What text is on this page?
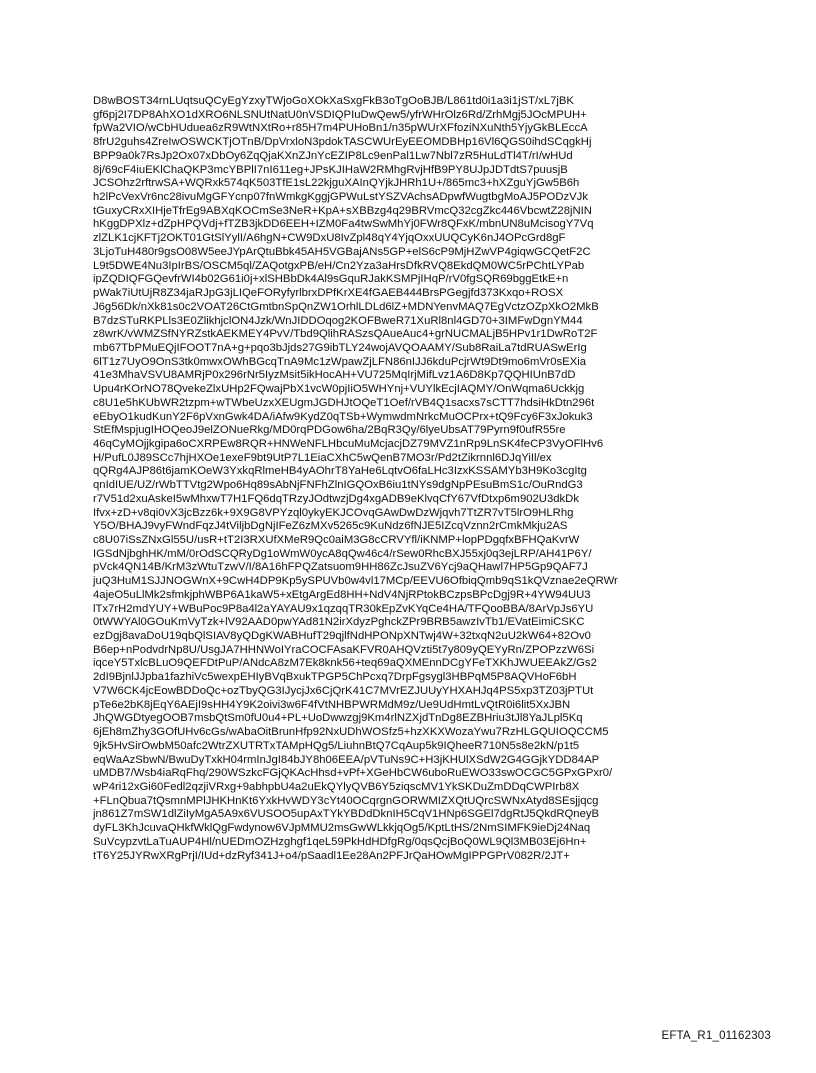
D8wBOST34rnLUqtsuQCyEgYzxyTWjoGoXOkXaSxgFkB3oTgOoBJB/L861td0i1a3i1jST/xL7jBK
gf6pj2I7DP8AhXO1dXRO6NLSNUtNatU0nVSDIQPIuDwQew5/yfrWHrOlz6Rd/ZrhMgj5JOcMPUH+
fpWa2VIO/wCbHUduea6zR9WtNXtRo+r85H7m4PUHoBn1/n35pWUrXFfoziNXuNth5YjyGkBLEccA
8frU2guhs4ZreIwOSWCKTjOTnB/DpVrxloN3pdokTASCWUrEyEEOMDBHp16Vl6QGS0ihdSCqgkHj
BPP9a0k7RsJp2Ox07xDbOy6ZqQjaKXnZJnYcEZIP8Lc9enPal1Lw7Nbl7zR5HuLdTl4T/rI/wHUd
8j/69cF4iuEKlChaQKP3mcYBPlI7nI611eg+JPsKJIHaW2RMhgRvjHfB9PY8UJpJDTdtS7puusjB
JCSOhz2rftrwSA+WQRxk574qK503TfE1sL22kjguXAInQYjkJHRh1U+/865mc3+hXZguYjGw5B6h
h2lPcVexVr6nc28ivuMgGFYcnp07fnWmkgKggjGPWuLstYSZVAchsADpwfWugtbgMoAJ5PODzVJk
tGuxyCRxXIHjeTfrEg9ABXqKOCmSe3NeR+KpA+sXBBzg4q29BRVmcQ32cgZkc446VbcwtZ28jNIN
hKggDPXlz+dZpHPQVdj+fTZB3jkDD6EEH+IZM0Fa4twSwMhYj0FWr8QFxK/mbnUN8uMcisogY7Vq
zlZLK1cjKFTj2OKT01GtSlYylI/A6hgN+CW9DxU8IvZpl48qY4YjqOxxUUQCyK6nJ4OPcGrd8gF
3LjoTuH480r9gsO08W5eeJYpArQtuBbk45AH5VGBajANs5GP+elS6cP9MjHZwVP4giqwGCQetF2C
L9t5DWE4Nu3IpIrBS/OSCM5ql/ZAQotgxPB/eH/Cn2Yza3aHrsDfkRVQ8EkdQM0WC5rPChtLYPab
ipZQDIQFGQevfrWI4b02G61i0j+xlSHBbDk4Al9sGquRJakKSMPjIHqP/rV0fgSQR69bggEtkE+n
pWak7iUtUjR8Z34jaRJpG3jLIQeFORyfyrlbrxDPfKrXE4fGAEB444BrsPGegjfd373Kxqo+ROSX
J6g56Dk/nXk81s0c2VOAT26CtGmtbnSpQnZW1OrhlLDLd6lZ+MDNYenvMAQ7EgVctzOZpXkO2MkB
B7dzSTuRKPLls3E0ZlikhjclON4Jzk/WnJIDDOqog2KOFBweR71XuRl8nl4GD70+3IMFwDgnYM44
z8wrK/vWMZSfNYRZstkAEKMEY4PvV/Tbd9QlihRASzsQAueAuc4+grNUCMALjB5HPv1r1DwRoT2F
mb67TbPMuEQjIFOOT7nA+g+pqo3bJjds27G9ibTLY24wojAVQOAAMY/Sub8RaiLa7tdRUASwErIg
6lT1z7UyO9OnS3tk0mwxOWhBGcqTnA9Mc1zWpawZjLFN86nIJJ6kduPcjrWt9Dt9mo6mVr0sEXia
41e3MhaVSVU8AMRjP0x296rNr5IyzMsit5ikHocAH+VU725MqIrjMifLvz1A6D8Kp7QQHIUnB7dD
Upu4rKOrNO78QvekeZlxUHp2FQwajPbX1vcW0pjIiO5WHYnj+VUYlkEcjIAQMY/OnWqma6Uckkjg
c8U1e5hKUbWR2tzpm+wTWbeUzxXEUgmJGDHJtOQeT1Oef/rVB4Q1sacxs7sCTT7hdsiHkDtn296t
eEbyO1kudKunY2F6pVxnGwk4DA/iAfw9KydZ0qTSb+WymwdmNrkcMuOCPrx+tQ9Fcy6F3xJokuk3
StEfMspjugIHOQeoJ9elZONueRkg/MD0rqPDGow6ha/2BqR3Qy/6lyeUbsAT79Pyrn9f0ufR55re
46qCyMOjjkgipa6oCXRPEw8RQR+HNWeNFLHbcuMuMcjacjDZ79MVZ1nRp9LnSK4feCP3VyOFlHv6
H/PufL0J89SCc7hjHXOe1exeF9bt9UtP7L1EiaCXhC5wQenB7MO3r/Pd2tZikrnnl6DJqYiIl/ex
qQRg4AJP86t6jamKOeW3YxkqRlmeHB4yAOhrT8YaHe6LqtvO6faLHc3IzxKSSAMYb3H9Ko3cgItg
qnIdIUE/UZ/rWbTTVtg2Wpo6Hq89sAbNjFNFhZlnIGQOxB6iu1tNYs9dgNpPEsuBmS1c/OuRndG3
r7V51d2xuAskeI5wMhxwT7H1FQ6dqTRzyJOdtwzjDg4xgADB9eKlvqCfY67VfDtxp6m902U3dkDk
Ifvx+zD+v8qi0vX3jcBzz6k+9X9G8VPYzql0ykyEKJCOvqGAwDwDzWjqvh7TtZR7vT5lrO9HLRhg
Y5O/BHAJ9vyFWndFqzJ4tViljbDgNjIFeZ6zMXv5265c9KuNdz6fNJE5IZcqVznn2rCmkMkju2AS
c8U07iSsZNxGl55U/usR+tT2I3RXUfXMeR9Qc0aiM3G8cCRVYfl/iKNMP+lopPDgqfxBFHQaKvrW
IGSdNjbghHK/mM/0rOdSCQRyDg1oWmW0ycA8qQw46c4/rSew0RhcBXJ55xj0q3ejLRP/AH41P6Y/
pVck4QN14B/KrM3zWtuTzwV/I/8A16hFPQZatsuom9HH86ZcJsuZV6Ycj9aQHawl7HP5Gp9QAF7J
juQ3HuM1SJJNOGWnX+9CwH4DP9Kp5ySPUVb0w4vl17MCp/EEVU6OfbiqQmb9qS1kQVznae2eQRWr
4ajeO5uLlMk2sfmkjphWBP6A1kaW5+xEtgArgEd8HH+NdV4NjRPtokBCzpsBPcDgj9R+4YW94UU3
lTx7rH2mdYUY+WBuPoc9P8a4l2aYAYAU9x1qzqqTR30kEpZvKYqCe4HA/TFQooBBA/8ArVpJs6YU
0tWWYAl0GOuKmVyTzk+lV92AAD0pwYAd81N2irXdyzPghckZPr9BRB5awzIvTb1/EVatEimiCSKC
ezDgj8avaDoU19qbQlSIAV8yQDgKWABHufT29qjlfNdHPONpXNTwj4W+32txqN2uU2kW64+82Ov0
B6ep+nPodvdrNp8U/UsgJA7HHNWoIYraCOCFAsaKFVR0AHQVzti5t7y809yQEYyRn/ZPOPzzW6Si
iqceY5TxlcBLuO9QEFDtPuP/ANdcA8zM7Ek8knk56+teq69aQXMEnnDCgYFeTXKhJWUEEAkZ/Gs2
2dI9BjnlJJpba1fazhiVc5wexpEHIyBVqBxukTPGP5ChPcxq7DrpFgsygl3HBPqM5P8AQVHoF6bH
V7W6CK4jcEowBDDoQc+ozTbyQG3IJycjJx6CjQrK41C7MVrEZJUUyYHXAHJq4PS5xp3TZ03jPTUt
pTe6e2bK8jEqY6AEjI9sHH4Y9K2oivi3w6F4fVtNHBPWRMdM9z/Ue9UdHmtLvQtR0i6lit5XxJBN
JhQWGDtyegOOB7msbQtSm0fU0u4+PL+UoDwwzgj9Km4rlNZXjdTnDg8EZBHriu3tJl8YaJLpl5Kq
6jEh8mZhy3GOfUHv6cGs/wAbaOitBrunHfp92NxUDhWOSfz5+hzXKXWozaYwu7RzHLGQUIOQCCM5
9jk5HvSirOwbM50afc2WtrZXUTRTxTAMpHQg5/LiuhnBtQ7CqAup5k9IQheeR710N5s8e2kN/p1t5
eqWaAzSbwN/BwuDyTxkH04rmInJgI84bJY8h06EEA/pVTuNs9C+H3jKHUlXSdW2G4GGjkYDD84AP
uMDB7/Wsb4iaRqFhq/290WSzkcFGjQKAcHhsd+vPf+XGeHbCW6uboRuEWO33swOCGC5GPxGPxr0/
wP4ri12xGi60Fedl2qzjiVRxg+9abhpbU4a2uEkQYlyQVB6Y5ziqscMV1YkSKDuZmDDqCWPIrb8X
+FLnQbua7tQsmnMPlJHKHnKt6YxkHvWDY3cYt40OCqrgnGORWMIZXQtUQrcSWNxAtyd8SEsjjqcg
jn861Z7mSW1dlZiIyMgA5A9x6VUSOO5upAxTYkYBDdDknIH5CqV1HNp6SGEl7dgRtJ5QkdRQneyB
dyFL3KhJcuvaQHkfWklQgFwdynow6VJpMMU2msGwWLkkjqOg5/KptLtHS/2NmSIMFK9ieDj24Naq
SuVcypzvtLaTuAUP4Hl/nUEDmOZHzghgf1qeL59PkHdHDfgRg/0qsQcjBoQ0WL9Ql3MB03Ej6Hn+
tT6Y25JYRwXRgPrjI/IUd+dzRyf341J+o4/pSaadl1Ee28An2PFJrQaHOwMgIPPGPrV082R/2JT+
EFTA_R1_01162303
